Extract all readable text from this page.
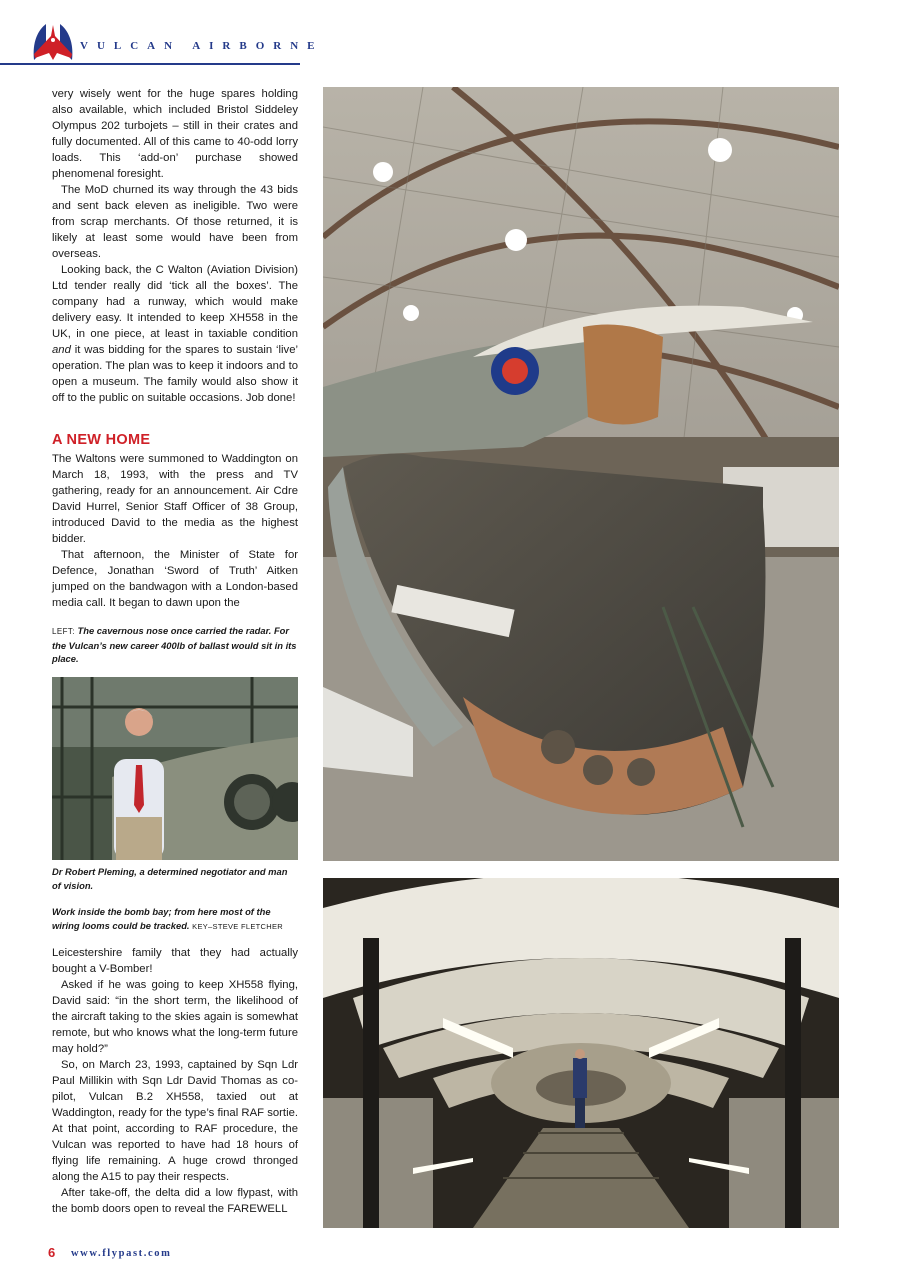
VULCAN AIRBORNE

very wisely went for the huge spares holding also available, which included Bristol Siddeley Olympus 202 turbojets – still in their crates and fully documented. All of this came to 40-odd lorry loads. This ‘add-on’ purchase showed phenomenal foresight.

The MoD churned its way through the 43 bids and sent back eleven as ineligible. Two were from scrap merchants. Of those returned, it is likely at least some would have been from overseas.

Looking back, the C Walton (Aviation Division) Ltd tender really did ‘tick all the boxes’. The company had a runway, which would make delivery easy. It intended to keep XH558 in the UK, in one piece, at least in taxiable condition and it was bidding for the spares to sustain ‘live’ operation. The plan was to keep it indoors and to open a museum. The family would also show it off to the public on suitable occasions. Job done!

A NEW HOME

The Waltons were summoned to Waddington on March 18, 1993, with the press and TV gathering, ready for an announcement. Air Cdre David Hurrel, Senior Staff Officer of 38 Group, introduced David to the media as the highest bidder.

That afternoon, the Minister of State for Defence, Jonathan ‘Sword of Truth’ Aitken jumped on the bandwagon with a London-based media call. It began to dawn upon the

LEFT: The cavernous nose once carried the radar. For the Vulcan’s new career 400lb of ballast would sit in its place.
Dr Robert Pleming, a determined negotiator and man of vision.
Work inside the bomb bay; from here most of the wiring looms could be tracked. KEY–STEVE FLETCHER

Leicestershire family that they had actually bought a V-Bomber!

Asked if he was going to keep XH558 flying, David said: “in the short term, the likelihood of the aircraft taking to the skies again is somewhat remote, but who knows what the long-term future may hold?”

So, on March 23, 1993, captained by Sqn Ldr Paul Millikin with Sqn Ldr David Thomas as co-pilot, Vulcan B.2 XH558, taxied out at Waddington, ready for the type’s final RAF sortie. At that point, according to RAF procedure, the Vulcan was reported to have had 18 hours of flying life remaining. A huge crowd thronged along the A15 to pay their respects.

After take-off, the delta did a low flypast, with the bomb doors open to reveal the FAREWELL

6 www.flypast.com
